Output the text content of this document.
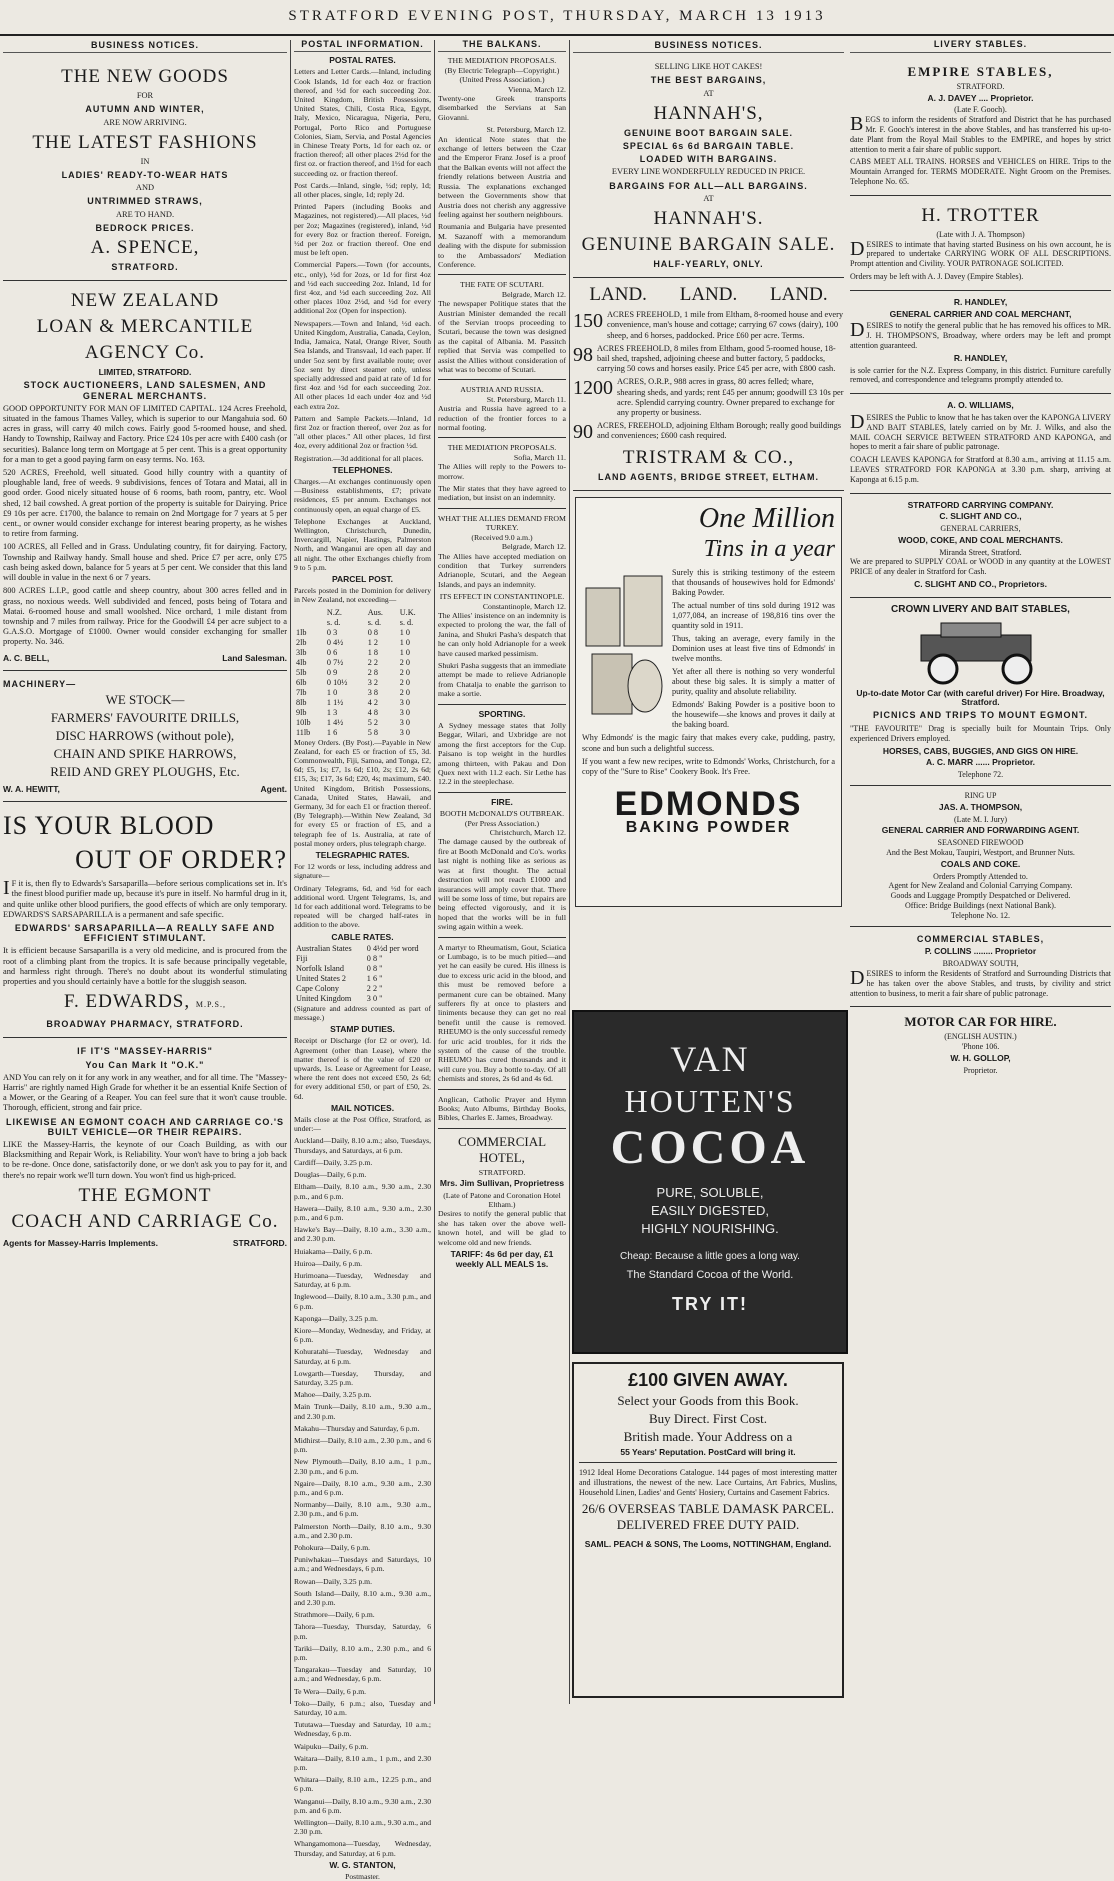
STRATFORD EVENING POST, THURSDAY, MARCH 13 1913
BUSINESS NOTICES.
THE NEW GOODS
FOR
AUTUMN AND WINTER,
ARE NOW ARRIVING.
THE LATEST FASHIONS
IN
LADIES' READY-TO-WEAR HATS
AND
UNTRIMMED STRAWS,
ARE TO HAND.
BEDROCK PRICES.
A. SPENCE,
STRATFORD.
NEW ZEALAND
LOAN & MERCANTILE
AGENCY Co.
LIMITED, STRATFORD.
STOCK AUCTIONEERS, LAND SALESMEN, AND GENERAL MERCHANTS.

GOOD OPPORTUNITY FOR MAN OF LIMITED CAPITAL. 124 Acres Freehold, situated in the famous Thames Valley, which is superior to our Mangahuia sod. 60 acres in grass, will carry 40 milch cows. Fairly good 5-roomed house, and shed. Handy to Township, Railway and Factory. Price £24 10s per acre with £400 cash (or securities). Balance long term on Mortgage at 5 per cent. This is a great opportunity for a man to get a good paying farm on easy terms. No. 163.

520 ACRES, Freehold, well situated. Good hilly country with a quantity of ploughable land, free of weeds. 9 subdivisions, fences of Totara and Matai, all in good order. Good nicely situated house of 6 rooms, bath room, pantry, etc. Wool shed, 12 bail cowshed. A great portion of the property is suitable for Dairying. Price £9 10s per acre. £1700, the balance to remain on 2nd Mortgage for 7 years at 5 per cent., or owner would consider exchange for interest bearing property, as he wishes to retire from farming.

100 ACRES, all Felled and in Grass. Undulating country, fit for dairying. Factory, Township and Railway handy. Small house and shed. Price £7 per acre, only £75 cash being asked down, balance for 5 years at 5 per cent. We consider that this land will double in value in the next 6 or 7 years.

800 ACRES L.I.P., good cattle and sheep country, about 300 acres felled and in grass, no noxious weeds. Well subdivided and fenced, posts being of Totara and Matai. 6-roomed house and small woolshed. Nice orchard, 1 mile distant from township and 7 miles from railway. Price for the Goodwill £4 per acre subject to a G.A.S.O. Mortgage of £1000. Owner would consider exchanging for smaller property. No. 346.

A. C. BELL,	Land Salesman.
MACHINERY—
WE STOCK—
FARMERS' FAVOURITE DRILLS,
DISC HARROWS (without pole),
CHAIN AND SPIKE HARROWS,
REID AND GREY PLOUGHS, Etc.
W. A. HEWITT,	Agent.
IS YOUR BLOOD
OUT OF ORDER?

IF it is, then fly to Edwards's Sarsaparilla—before serious complications set in. It's the finest blood purifier made up, because it's pure in itself. No harmful drug in it, and quite unlike other blood purifiers, the good effects of which are only temporary. EDWARDS'S SARSAPARILLA is a permanent and safe specific.

EDWARDS' SARSAPARILLA—A REALLY SAFE AND EFFICIENT STIMULANT.

It is efficient because Sarsaparilla is a very old medicine, and is procured from the root of a climbing plant from the tropics. It is safe because principally vegetable, and harmless right through. There's no doubt about its wonderful stimulating properties and you should certainly have a bottle for the sluggish season.

F. EDWARDS, M.P.S.,
BROADWAY PHARMACY, STRATFORD.
IF IT'S "MASSEY-HARRIS"
You Can Mark It "O.K."

AND You can rely on it for any work in any weather, and for all time. The "Massey-Harris" are rightly named High Grade for whether it be an essential Knife Section of a Mower, or the Gearing of a Reaper. You can feel sure that it won't cause trouble. Thorough, efficient, strong and fair price.

LIKEWISE AN EGMONT COACH AND CARRIAGE CO.'S BUILT VEHICLE—OR THEIR REPAIRS.

LIKE the Massey-Harris, the keynote of our Coach Building, as with our Blacksmithing and Repair Work, is Reliability. Your won't have to bring a job back to be re-done. Once done, satisfactorily done, or we don't ask you to pay for it, and there's no repair work we'll turn down. You won't find us high-priced.

THE EGMONT
COACH AND CARRIAGE Co.
Agents for Massey-Harris Implements.	STRATFORD.
POSTAL INFORMATION.
POSTAL RATES.

Letters and Letter Cards.—Inland, including Cook Islands, 1d for each 4oz or fraction thereof, and ½d for each succeeding 2oz. United Kingdom, British Possessions, United States, Chili, Costa Rica, Egypt, Italy, Mexico, Nicaragua, Nigeria, Peru, Portugal, Porto Rico and Portuguese Colonies, Siam, Servia, and Postal Agencies in Chinese Treaty Ports, 1d for each oz. or fraction thereof; all other places 2½d for the first oz. or fraction thereof, and 1½d for each succeeding oz. or fraction thereof.

Post Cards.—Inland, single, ½d; reply, 1d; all other places, single, 1d; reply 2d.

Printed Papers (including Books and Magazines, not registered).—All places, ½d per 2oz; Magazines (registered), inland, ½d for every 8oz or fraction thereof. Foreign, ½d per 2oz or fraction thereof. One end must be left open.

Commercial Papers.—Town (for accounts, etc., only), ½d for 2ozs, or 1d for first 4oz and ½d each succeeding 2oz. Inland, 1d for first 4oz, and ½d each succeeding 2oz. All other places 10oz 2½d, and ½d for every additional 2oz (Open for inspection).

Newspapers.—Town and Inland, ½d each. United Kingdom, Australia, Canada, Ceylon, India, Jamaica, Natal, Orange River, South Sea Islands, and Transvaal, 1d each paper. If under 5oz sent by first available route; over 5oz sent by direct steamer only, unless specially addressed and paid at rate of 1d for first 4oz and ½d for each succeeding 2oz. All other places 1d each under 4oz and ½d each extra 2oz.

Pattern and Sample Packets.—Inland, 1d first 2oz or fraction thereof, over 2oz as for "all other places." All other places, 1d first 4oz, every additional 2oz or fraction ½d.

Registration.—3d additional for all places.

TELEPHONES.

Charges.—At exchanges continuously open—Business establishments, £7; private residences, £5 per annum. Exchanges not continuously open, an equal charge of £5.

Telephone Exchanges at Auckland, Wellington, Christchurch, Dunedin, Invercargill, Napier, Hastings, Palmerston North, and Wanganui are open all day and all night. The other Exchanges chiefly from 9 to 5 p.m.

PARCEL POST.

Parcels posted in the Dominion for delivery in New Zealand, not exceeding—

	N.Z.	Aus.	U.K.
	s. d.	s. d.	s. d.
1lb	0 3	0 8	1 0
2lb	0 4½	1 2	1 0
3lb	0 6	1 8	1 0
4lb	0 7½	2 2	2 0
5lb	0 9	2 8	2 0
6lb	0 10½	3 2	2 0
7lb	1 0	3 8	2 0
8lb	1 1½	4 2	3 0
9lb	1 3	4 8	3 0
10lb	1 4½	5 2	3 0
11lb	1 6	5 8	3 0

Money Orders. (By Post).—Payable in New Zealand, for each £5 or fraction of £5, 3d. Commonwealth, Fiji, Samoa, and Tonga, £2, 6d; £5, 1s; £7, 1s 6d; £10, 2s; £12, 2s 6d; £15, 3s; £17, 3s 6d; £20, 4s; maximum, £40. United Kingdom, British Possessions, Canada, United States, Hawaii, and Germany, 3d for each £1 or fraction thereof. (By Telegraph).—Within New Zealand, 3d for every £5 or fraction of £5, and a telegraph fee of 1s. Australia, at rate of postal money orders, plus telegraph charge.

TELEGRAPHIC RATES.

For 12 words or less, including address and signature—

Ordinary Telegrams, 6d, and ½d for each additional word. Urgent Telegrams, 1s, and 1d for each additional word. Telegrams to be repeated will be charged half-rates in addition to the above.

CABLE RATES.
Australian States	0 4½d per word
Fiji	0 8 "
Norfolk Island	0 8 "
United States 2	1 6 "
Cape Colony	2 2 "
United Kingdom	3 0 "

(Signature and address counted as part of message.)

STAMP DUTIES.

Receipt or Discharge (for £2 or over), 1d. Agreement (other than Lease), where the matter thereof is of the value of £20 or upwards, 1s. Lease or Agreement for Lease, where the rent does not exceed £50, 2s 6d; for every additional £50, or part of £50, 2s. 6d.

MAIL NOTICES.

Mails close at the Post Office, Stratford, as under:—

Auckland—Daily, 8.10 a.m.; also, Tuesdays, Thursdays, and Saturdays, at 6 p.m.

Cardiff—Daily, 3.25 p.m.

Douglas—Daily, 6 p.m.

Eltham—Daily, 8.10 a.m., 9.30 a.m., 2.30 p.m., and 6 p.m.

Hawera—Daily, 8.10 a.m., 9.30 a.m., 2.30 p.m., and 6 p.m.

Hawke's Bay—Daily, 8.10 a.m., 3.30 a.m., and 2.30 p.m.

Huiakama—Daily, 6 p.m.

Huiroa—Daily, 6 p.m.

Hurimoana—Tuesday, Wednesday and Saturday, at 6 p.m.

Inglewood—Daily, 8.10 a.m., 3.30 p.m., and 6 p.m.

Kaponga—Daily, 3.25 p.m.

Kiore—Monday, Wednesday, and Friday, at 6 p.m.

Kohuratahi—Tuesday, Wednesday and Saturday, at 6 p.m.

Lowgarth—Tuesday, Thursday, and Saturday, 3.25 p.m.

Mahoe—Daily, 3.25 p.m.

Main Trunk—Daily, 8.10 a.m., 9.30 a.m., and 2.30 p.m.

Makahu—Thursday and Saturday, 6 p.m.

Midhirst—Daily, 8.10 a.m., 2.30 p.m., and 6 p.m.

New Plymouth—Daily, 8.10 a.m., 1 p.m., 2.30 p.m., and 6 p.m.

Ngaire—Daily, 8.10 a.m., 9.30 a.m., 2.30 p.m., and 6 p.m.

Normanby—Daily, 8.10 a.m., 9.30 a.m., 2.30 p.m., and 6 p.m.

Palmerston North—Daily, 8.10 a.m., 9.30 a.m., and 2.30 p.m.

Pohokura—Daily, 6 p.m.

Puniwhakau—Tuesdays and Saturdays, 10 a.m.; and Wednesdays, 6 p.m.

Rowan—Daily, 3.25 p.m.

South Island—Daily, 8.10 a.m., 9.30 a.m., and 2.30 p.m.

Strathmore—Daily, 6 p.m.

Tahora—Tuesday, Thursday, Saturday, 6 p.m.

Tariki—Daily, 8.10 a.m., 2.30 p.m., and 6 p.m.

Tangarakau—Tuesday and Saturday, 10 a.m.; and Wednesday, 6 p.m.

Te Wera—Daily, 6 p.m.

Toko—Daily, 6 p.m.; also, Tuesday and Saturday, 10 a.m.

Tututawa—Tuesday and Saturday, 10 a.m.; Wednesday, 6 p.m.

Waipuku—Daily, 6 p.m.

Waitara—Daily, 8.10 a.m., 1 p.m., and 2.30 p.m.

Whitara—Daily, 8.10 a.m., 12.25 p.m., and 6 p.m.

Wanganui—Daily, 8.10 a.m., 9.30 a.m., 2.30 p.m. and 6 p.m.

Wellington—Daily, 8.10 a.m., 9.30 a.m., and 2.30 p.m.

Whangamomona—Tuesday, Wednesday, Thursday, and Saturday, at 6 p.m.

W. G. STANTON,
Postmaster.
THE BALKANS.
THE MEDIATION PROPOSALS.
(By Electric Telegraph—Copyright.) (United Press Association.)
Vienna, March 12.

Twenty-one Greek transports disembarked the Servians at San Giovanni.

St. Petersburg, March 12.

An identical Note states that the exchange of letters between the Czar and the Emperor Franz Josef is a proof that the Balkan events will not affect the friendly relations between Austria and Russia. The explanations exchanged between the Governments show that Austria does not cherish any aggressive feeling against her southern neighbours.

Roumania and Bulgaria have presented M. Sazanoff with a memorandum dealing with the dispute for submission to the Ambassadors' Mediation Conference.

THE FATE OF SCUTARI.
Belgrade, March 12.

The newspaper Politique states that the Austrian Minister demanded the recall of the Servian troops proceeding to Scutari, because the town was designed as the capital of Albania. M. Passitch replied that Servia was compelled to assist the Allies without consideration of what was to become of Scutari.

AUSTRIA AND RUSSIA.
St. Petersburg, March 11.

Austria and Russia have agreed to a reduction of the frontier forces to a normal footing.

THE MEDIATION PROPOSALS.
Sofia, March 11.

The Allies will reply to the Powers to-morrow.

The Mir states that they have agreed to mediation, but insist on an indemnity.

WHAT THE ALLIES DEMAND FROM TURKEY.
(Received 9.0 a.m.)
Belgrade, March 12.

The Allies have accepted mediation on condition that Turkey surrenders Adrianople, Scutari, and the Aegean Islands, and pays an indemnity.

ITS EFFECT IN CONSTANTINOPLE.
Constantinople, March 12.

The Allies' insistence on an indemnity is expected to prolong the war, the fall of Janina, and Shukri Pasha's despatch that he can only hold Adrianople for a week have caused marked pessimism.

Shukri Pasha suggests that an immediate attempt be made to relieve Adrianople from Chatalja to enable the garrison to make a sortie.

SPORTING.

A Sydney message states that Jolly Beggar, Wilari, and Uxbridge are not among the first acceptors for the Cup. Paisano is top weight in the hurdles among thirteen, with Pakau and Don Quex next with 11.2 each. Sir Lethe has 12.2 in the steeplechase.

FIRE.
BOOTH McDONALD'S OUTBREAK.
(Per Press Association.)
Christchurch, March 12.

The damage caused by the outbreak of fire at Booth McDonald and Co's. works last night is nothing like as serious as was at first thought. The actual destruction will not reach £1000 and insurances will amply cover that. There will be some loss of time, but repairs are being effected vigorously, and it is hoped that the works will be in full swing again within a week.

A martyr to Rheumatism, Gout, Sciatica or Lumbago, is to be much pitied—and yet he can easily be cured. His illness is due to excess uric acid in the blood, and this must be removed before a permanent cure can be obtained. Many sufferers fly at once to plasters and liniments because they can get no real benefit until the cause is removed. RHEUMO is the only successful remedy for uric acid troubles, for it rids the system of the cause of the trouble. RHEUMO has cured thousands and it will cure you. Buy a bottle to-day. Of all chemists and stores, 2s 6d and 4s 6d.

Anglican, Catholic Prayer and Hymn Books; Auto Albums, Birthday Books, Bibles, Charles E. James, Broadway.

COMMERCIAL HOTEL,
STRATFORD.
Mrs. Jim Sullivan, Proprietress
(Late of Patone and Coronation Hotel Eltham.)

Desires to notify the general public that she has taken over the above well-known hotel, and will be glad to welcome old and new friends.

TARIFF: 4s 6d per day, £1 weekly ALL MEALS 1s.
BUSINESS NOTICES.
SELLING LIKE HOT CAKES!
THE BEST BARGAINS,
AT
HANNAH'S,
GENUINE BOOT BARGAIN SALE.
SPECIAL 6s 6d BARGAIN TABLE.
LOADED WITH BARGAINS.
EVERY LINE WONDERFULLY REDUCED IN PRICE.
BARGAINS FOR ALL—ALL BARGAINS.
AT
HANNAH'S.
GENUINE BARGAIN SALE.
HALF-YEARLY, ONLY.
LAND. LAND. LAND.
150 ACRES FREEHOLD, 1 mile from Eltham, 8-roomed house and every convenience, man's house and cottage; carrying 67 cows (dairy), 100 sheep, and 6 horses, paddocked. Price £60 per acre. Terms.
98 ACRES FREEHOLD, 8 miles from Eltham, good 5-roomed house, 18-bail shed, trapshed, adjoining cheese and butter factory, 5 paddocks, carrying 50 cows and horses easily. Price £45 per acre, with £800 cash.
1200 ACRES, O.R.P., 988 acres in grass, 80 acres felled; whare, shearing sheds, and yards; rent £45 per annum; goodwill £3 10s per acre. Splendid carrying country. Owner prepared to exchange for any property or business.
90 ACRES, FREEHOLD, adjoining Eltham Borough; really good buildings and conveniences; £600 cash required.
TRISTRAM & CO.,
LAND AGENTS, BRIDGE STREET, ELTHAM.
One Million
Tins in a year

Surely this is striking testimony of the esteem that thousands of housewives hold for Edmonds' Baking Powder.

The actual number of tins sold during 1912 was 1,077,084, an increase of 198,816 tins over the quantity sold in 1911.

Thus, taking an average, every family in the Dominion uses at least five tins of Edmonds' in twelve months.

Yet after all there is nothing so very wonderful about these big sales. It is simply a matter of purity, quality and absolute reliability.

Edmonds' Baking Powder is a positive boon to the housewife—she knows and proves it daily at the baking board.

Why Edmonds' is the magic fairy that makes every cake, pudding, pastry, scone and bun such a delightful success.

If you want a few new recipes, write to Edmonds' Works, Christchurch, for a copy of the "Sure to Rise" Cookery Book. It's Free.

EDMONDS
BAKING POWDER
VAN
HOUTEN'S
COCOA
PURE, SOLUBLE,
EASILY DIGESTED,
HIGHLY NOURISHING.
Cheap: Because a little goes a long way.
The Standard Cocoa of the World.
TRY IT!
£100 GIVEN AWAY.
Select your Goods from this Book.
Buy Direct. First Cost.
British made. Your Address on a
55 Years' Reputation. PostCard will bring it.

1912 Ideal Home Decorations Catalogue. 144 pages of most interesting matter and illustrations, the newest of the new. Lace Curtains, Art Fabrics, Muslins, Household Linen, Ladies' and Gents' Hosiery, Curtains and Casement Fabrics.

26/6 OVERSEAS TABLE DAMASK PARCEL. DELIVERED FREE DUTY PAID.
SAML. PEACH & SONS, The Looms, NOTTINGHAM, England.
LIVERY STABLES.
EMPIRE STABLES,
STRATFORD.
A. J. DAVEY .... Proprietor.
(Late F. Gooch).

BEGS to inform the residents of Stratford and District that he has purchased Mr. F. Gooch's interest in the above Stables, and has transferred his up-to-date Plant from the Royal Mail Stables to the EMPIRE, and hopes by strict attention to merit a fair share of public support.

CABS MEET ALL TRAINS. HORSES and VEHICLES on HIRE. Trips to the Mountain Arranged for. TERMS MODERATE. Night Groom on the Premises. Telephone No. 65.

H. TROTTER
(Late with J. A. Thompson)

DESIRES to intimate that having started Business on his own account, he is prepared to undertake CARRYING WORK OF ALL DESCRIPTIONS. Prompt attention and Civility. YOUR PATRONAGE SOLICITED.

Orders may be left with A. J. Davey (Empire Stables).

R. HANDLEY,
GENERAL CARRIER AND COAL MERCHANT,

DESIRES to notify the general public that he has removed his offices to MR. J. H. THOMPSON'S, Broadway, where orders may be left and prompt attention guaranteed.

R. HANDLEY,

is sole carrier for the N.Z. Express Company, in this district. Furniture carefully removed, and correspondence and telegrams promptly attended to.

A. O. WILLIAMS,

DESIRES the Public to know that he has taken over the KAPONGA LIVERY AND BAIT STABLES, lately carried on by Mr. J. Wilks, and also the MAIL COACH SERVICE BETWEEN STRATFORD AND KAPONGA, and hopes to merit a fair share of public patronage.

COACH LEAVES KAPONGA for Stratford at 8.30 a.m., arriving at 11.15 a.m. LEAVES STRATFORD FOR KAPONGA at 3.30 p.m. sharp, arriving at Kaponga at 6.15 p.m.

STRATFORD CARRYING COMPANY.
C. SLIGHT AND CO.,
GENERAL CARRIERS,
WOOD, COKE, AND COAL MERCHANTS.
Miranda Street, Stratford.

We are prepared to SUPPLY COAL or WOOD in any quantity at the LOWEST PRICE of any dealer in Stratford for Cash.

C. SLIGHT AND CO., Proprietors.
CROWN LIVERY AND BAIT STABLES,

Up-to-date Motor Car (with careful driver) For Hire. Broadway, Stratford.

PICNICS AND TRIPS TO MOUNT EGMONT.

"THE FAVOURITE" Drag is specially built for Mountain Trips. Only experienced Drivers employed.

HORSES, CABS, BUGGIES, AND GIGS ON HIRE.
A. C. MARR ...... Proprietor.
Telephone 72.
RING UP
JAS. A. THOMPSON,
(Late M. I. Jury)
GENERAL CARRIER AND FORWARDING AGENT.
SEASONED FIREWOOD
And the Best Mokau, Taupiri, Westport, and Brunner Nuts.
COALS AND COKE.
Orders Promptly Attended to.
Agent for New Zealand and Colonial Carrying Company.
Goods and Luggage Promptly Despatched or Delivered.
Office: Bridge Buildings (next National Bank).
Telephone No. 12.
COMMERCIAL STABLES,
P. COLLINS ........ Proprietor
BROADWAY SOUTH,

DESIRES to inform the Residents of Stratford and Surrounding Districts that he has taken over the above Stables, and trusts, by civility and strict attention to business, to merit a fair share of public patronage.

MOTOR CAR FOR HIRE.
(ENGLISH AUSTIN.)
'Phone 106.
W. H. GOLLOP,
Proprietor.
